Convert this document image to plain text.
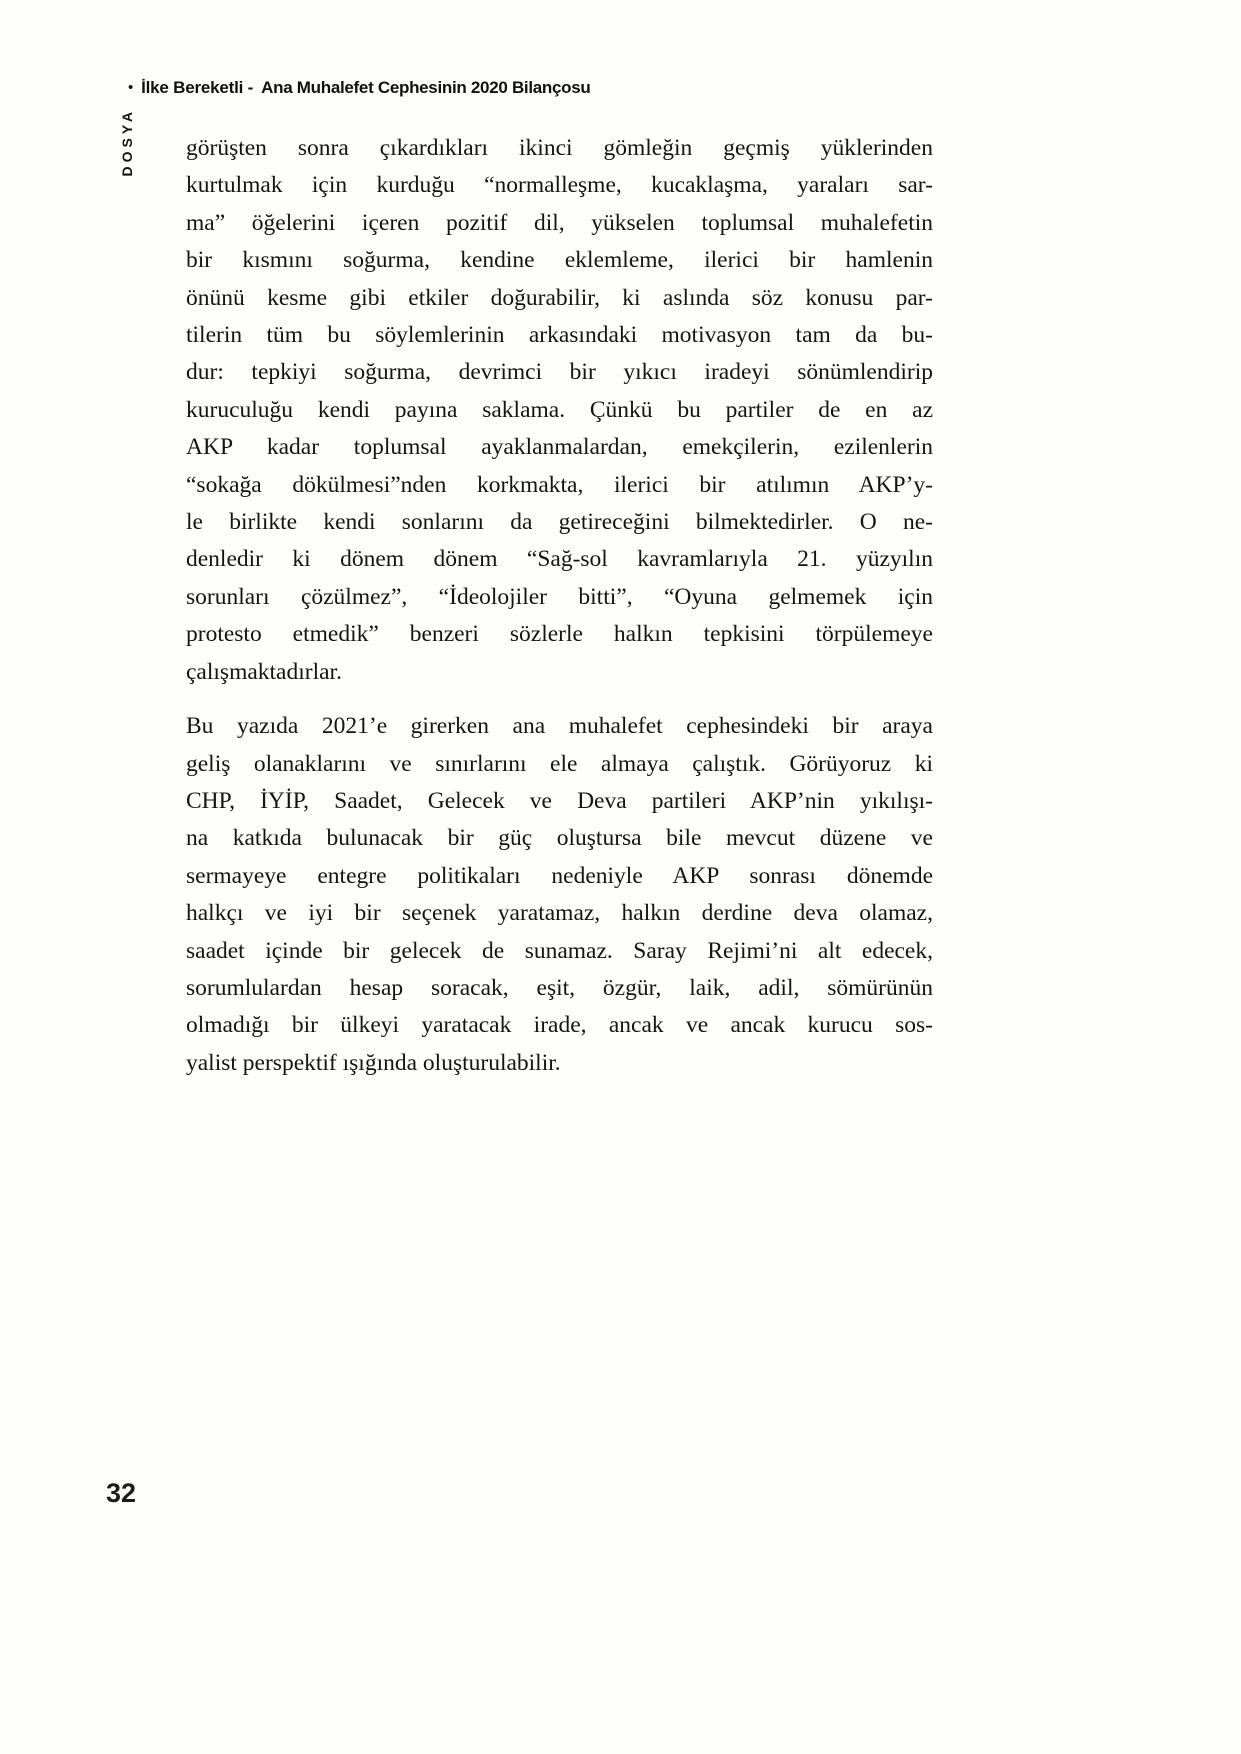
• İlke Bereketli - Ana Muhalefet Cephesinin 2020 Bilançosu
DOSYA görüşten sonra çıkardıkları ikinci gömleğin geçmiş yüklerinden
kurtulmak için kurduğu “normalleşme, kucaklaşma, yaraları sar-
ma” öğelerini içeren pozitif dil, yükselen toplumsal muhalefetin
bir kısmını soğurma, kendine eklemleme, ilerici bir hamlenin
önünü kesme gibi etkiler doğurabilir, ki aslında söz konusu par-
tilerin tüm bu söylemlerinin arkasındaki motivasyon tam da bu-
dur: tepkiyi soğurma, devrimci bir yıkıcı iradeyi sönümlendirip
kuruculuğu kendi payına saklama. Çünkü bu partiler de en az
AKP kadar toplumsal ayaklanmalardan, emekçilerin, ezilenlerin
“sokağa dökülmesi”nden korkmakta, ilerici bir atılımın AKP’y-
le birlikte kendi sonlarını da getireceğini bilmektedirler. O ne-
denledir ki dönem dönem “Sağ-sol kavramlarıyla 21. yüzyılın
sorunları çözülmez”, “İdeolojiler bitti”, “Oyuna gelmemek için
protesto etmedik” benzeri sözlerle halkın tepkisini törpülemeye
çalışmaktadırlar.
Bu yazıda 2021’e girerken ana muhalefet cephesindeki bir araya
geliş olanaklarını ve sınırlarını ele almaya çalıştık. Görüyoruz ki
CHP, İYİP, Saadet, Gelecek ve Deva partileri AKP’nin yıkılışı-
na katkıda bulunacak bir güç oluştursa bile mevcut düzene ve
sermayeye entegre politikaları nedeniyle AKP sonrası dönemde
halkçı ve iyi bir seçenek yaratamaz, halkın derdine deva olamaz,
saadet içinde bir gelecek de sunamaz. Saray Rejimi’ni alt edecek,
sorumlulardan hesap soracak, eşit, özgür, laik, adil, sömürünün
olmadığı bir ülkeyi yaratacak irade, ancak ve ancak kurucu sos-
yalist perspektif ışığında oluşturulabilir.
32
